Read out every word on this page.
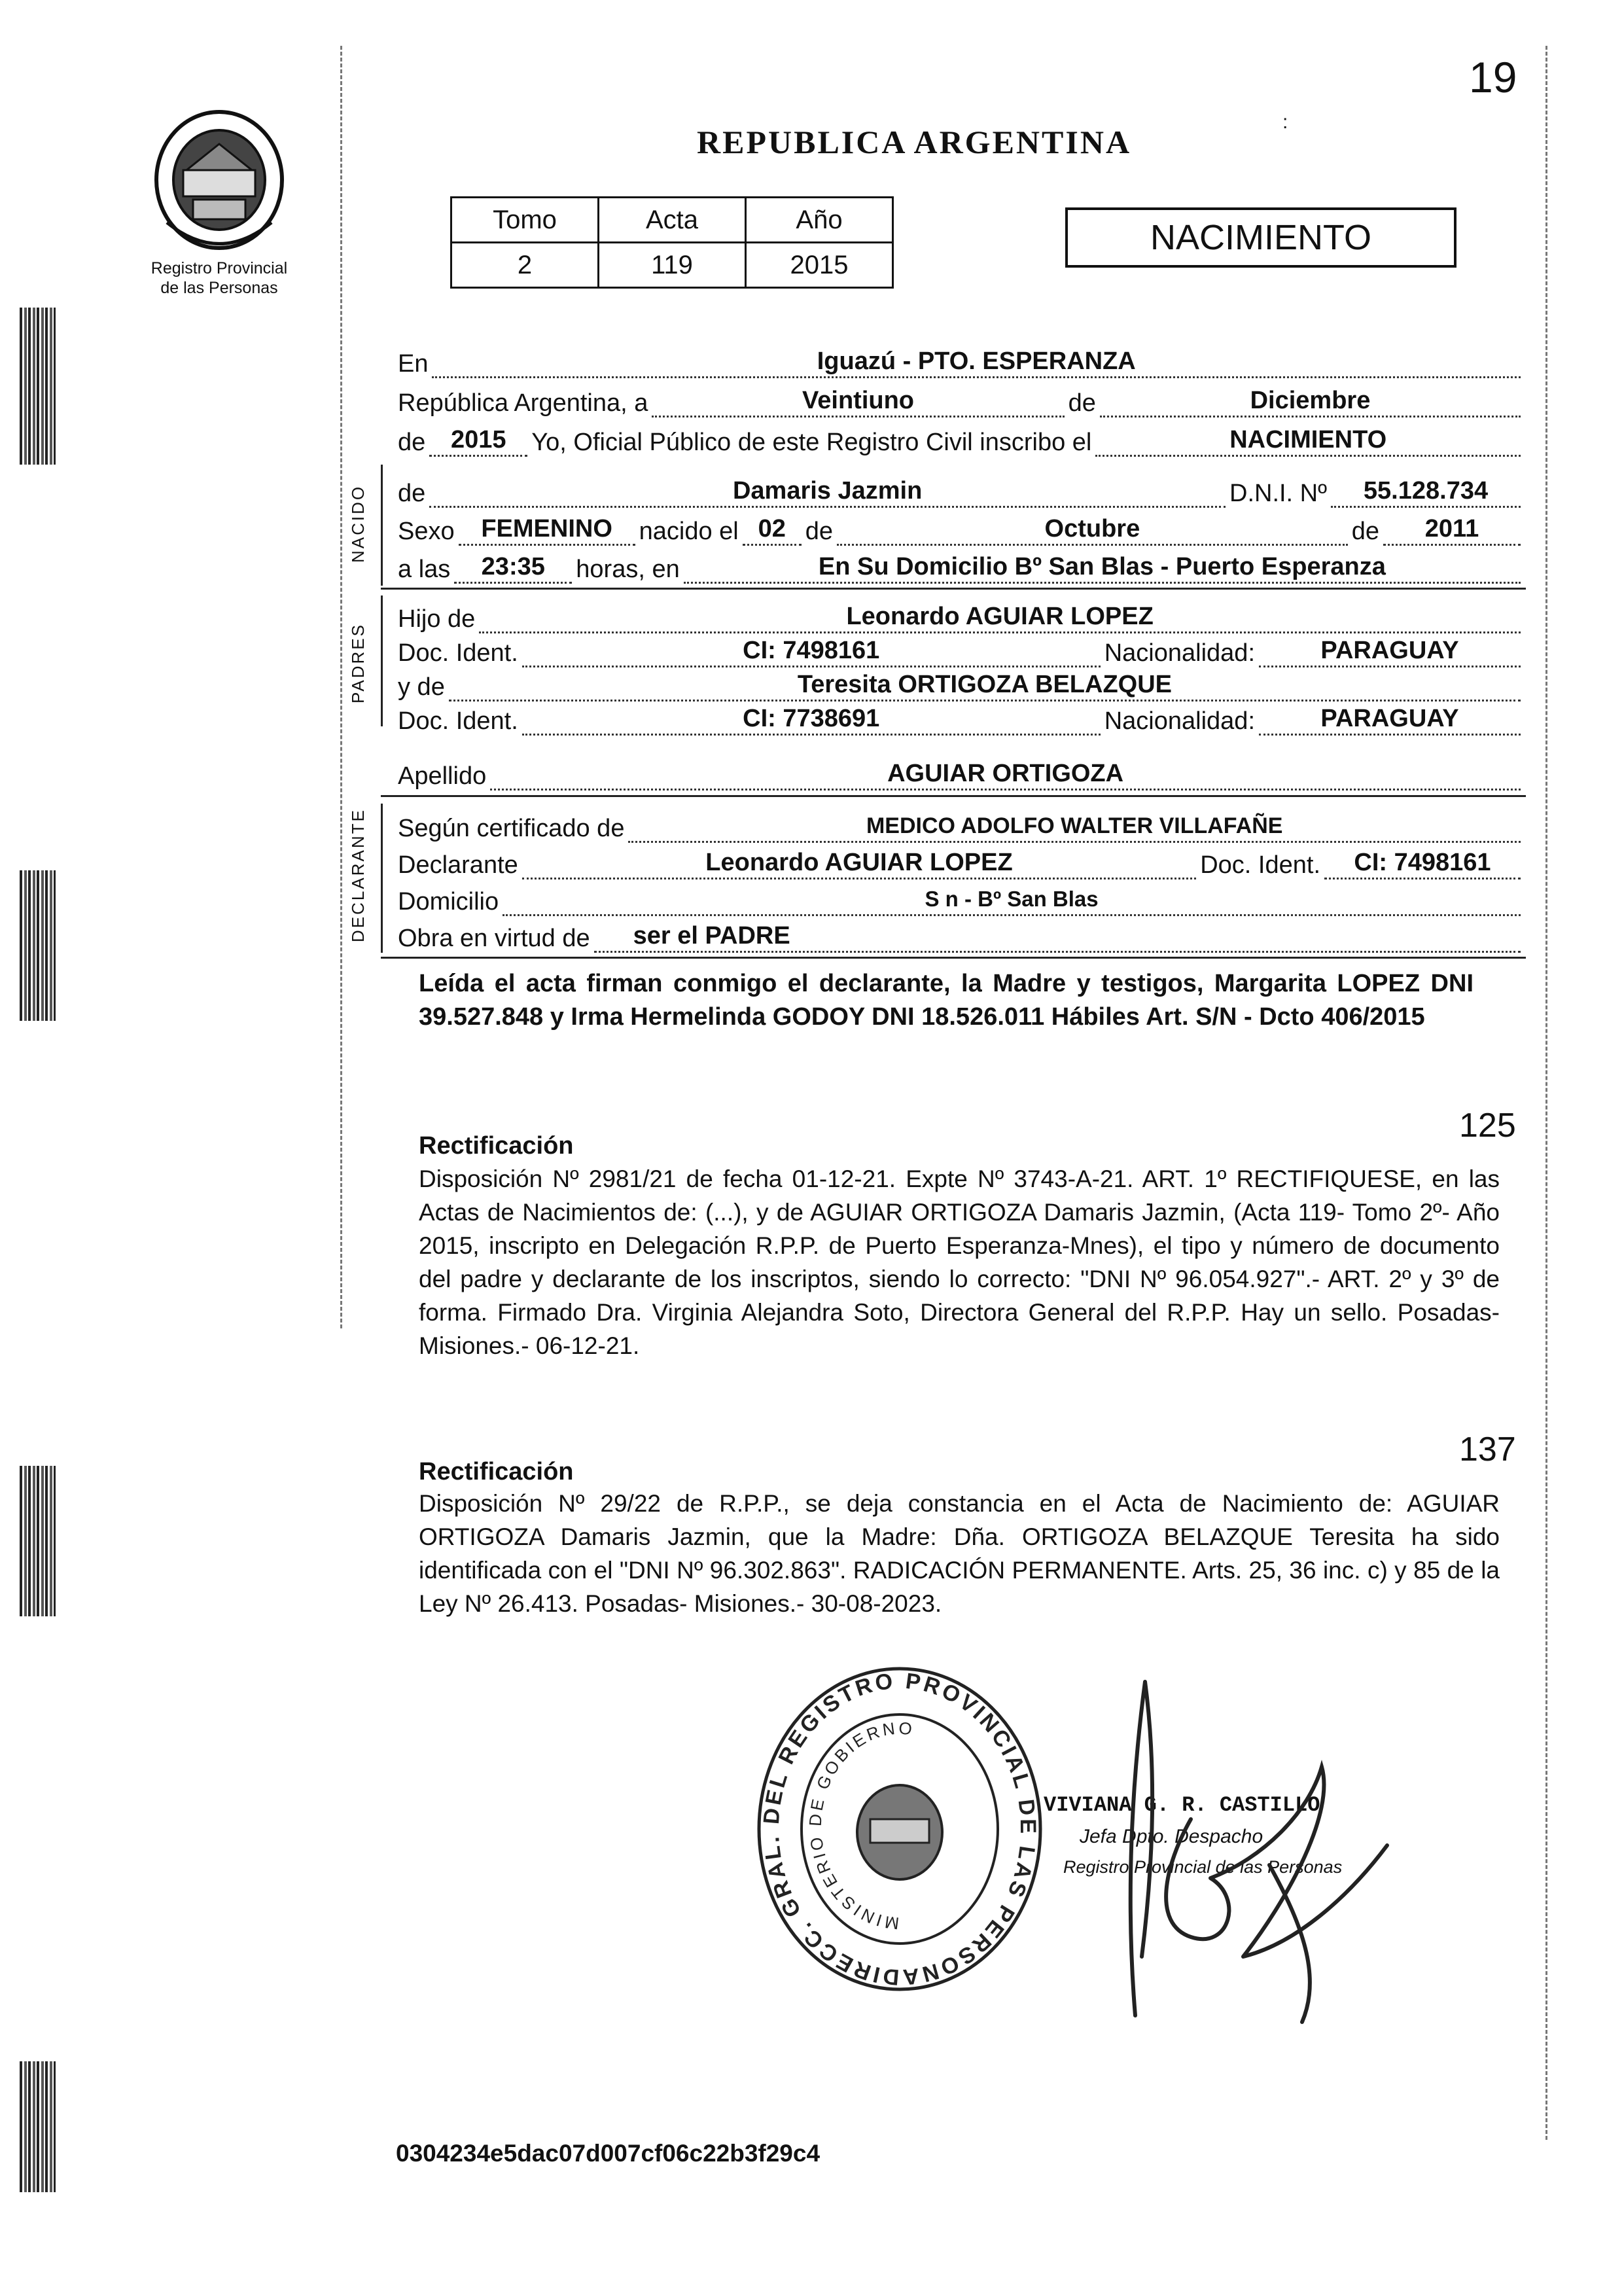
19
Registro Provincial
de las Personas
REPUBLICA ARGENTINA
:
Tomo	Acta	Año
2	119	2015
NACIMIENTO
En	Iguazú - PTO. ESPERANZA
República Argentina, a	Veintiuno	de	Diciembre
de	2015	Yo, Oficial Público de este Registro Civil inscribo el	NACIMIENTO
NACIDO de	Damaris Jazmin	D.N.I. Nº	55.128.734
Sexo	FEMENINO	nacido el 02 de	Octubre	de	2011
a las	23:35	horas, en	En Su Domicilio Bº San Blas - Puerto Esperanza
PADRES
Hijo de	Leonardo AGUIAR LOPEZ
Doc. Ident.	CI: 7498161	Nacionalidad:	PARAGUAY
y de	Teresita ORTIGOZA BELAZQUE
Doc. Ident.	CI: 7738691	Nacionalidad:	PARAGUAY
Apellido	AGUIAR ORTIGOZA
DECLARANTE Según certificado de	MEDICO ADOLFO WALTER VILLAFAÑE
Declarante	Leonardo AGUIAR LOPEZ	Doc. Ident.	CI: 7498161
Domicilio	S n - Bº San Blas
Obra en virtud de	ser el PADRE
Leída el acta firman conmigo el declarante, la Madre y testigos, Margarita LOPEZ DNI 39.527.848 y Irma Hermelinda GODOY DNI 18.526.011 Hábiles Art. S/N - Dcto 406/2015
125
Rectificación
Disposición Nº 2981/21 de fecha 01-12-21. Expte Nº 3743-A-21. ART. 1º RECTIFIQUESE, en las Actas de Nacimientos de: (...), y de AGUIAR ORTIGOZA Damaris Jazmin, (Acta 119- Tomo 2º- Año 2015, inscripto en Delegación R.P.P. de Puerto Esperanza-Mnes), el tipo y número de documento del padre y declarante de los inscriptos, siendo lo correcto: "DNI Nº 96.054.927".- ART. 2º y 3º de forma. Firmado Dra. Virginia Alejandra Soto, Directora General del R.P.P. Hay un sello. Posadas- Misiones.- 06-12-21.
137
Rectificación
Disposición Nº 29/22 de R.P.P., se deja constancia en el Acta de Nacimiento de: AGUIAR ORTIGOZA Damaris Jazmin, que la Madre: Dña. ORTIGOZA BELAZQUE Teresita ha sido identificada con el "DNI Nº 96.302.863". RADICACIÓN PERMANENTE. Arts. 25, 36 inc. c) y 85 de la Ley Nº 26.413. Posadas- Misiones.- 30-08-2023.
DIRECC. GRAL. DEL REGISTRO PROVINCIAL DE LAS PERSONA
MINISTERIO DE GOBIERNO
VIVIANA G. R. CASTILLO
Jefa Dpto. Despacho
Registro Provincial de las Personas
0304234e5dac07d007cf06c22b3f29c4
